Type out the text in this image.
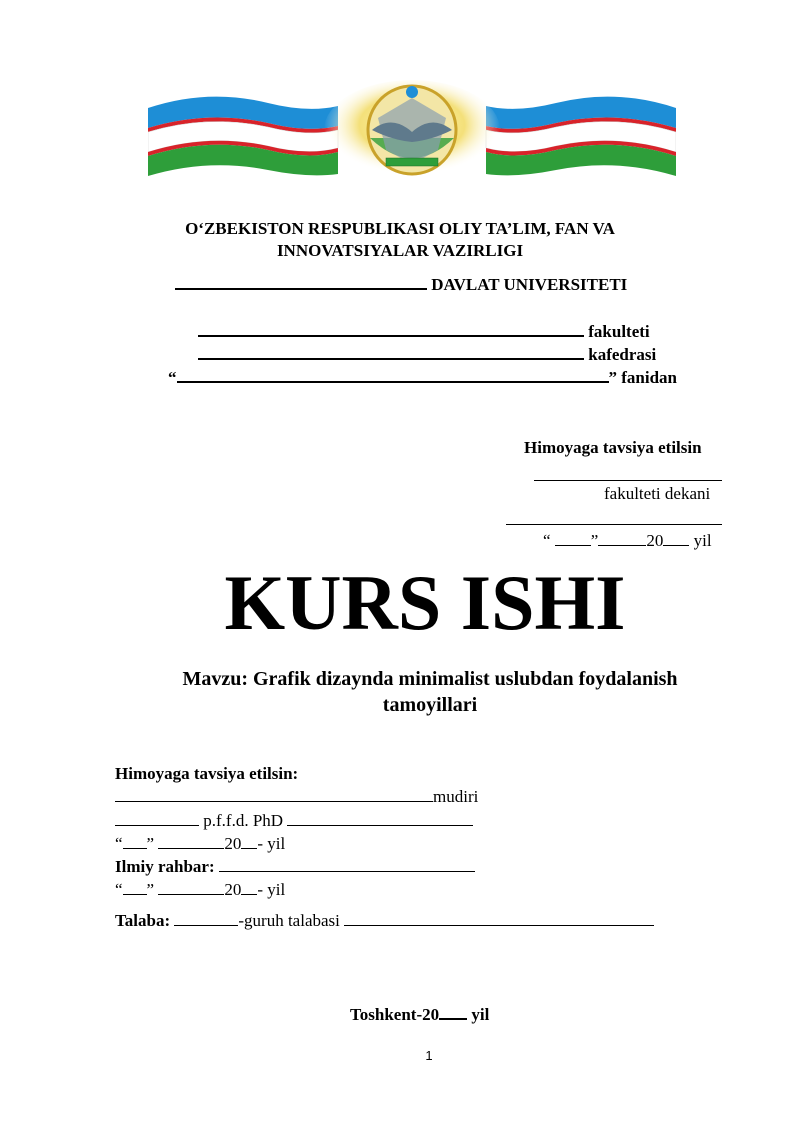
O‘ZBEKISTON RESPUBLIKASI OLIY TA’LIM, FAN VA
INNOVATSIYALAR VAZIRLIGI
DAVLAT UNIVERSITETI
fakulteti
kafedrasi
“	” fanidan
Himoyaga tavsiya etilsin
fakulteti dekani
“ ”	20 yil
KURS ISHI
Mavzu: Grafik dizaynda minimalist uslubdan foydalanish
tamoyillari
Himoyaga tavsiya etilsin:
mudiri
p.f.f.d. PhD
“ ”	20 - yil
Ilmiy rahbar:
“ ”	20 - yil
Talaba:	-guruh talabasi
Toshkent-20 yil
1
